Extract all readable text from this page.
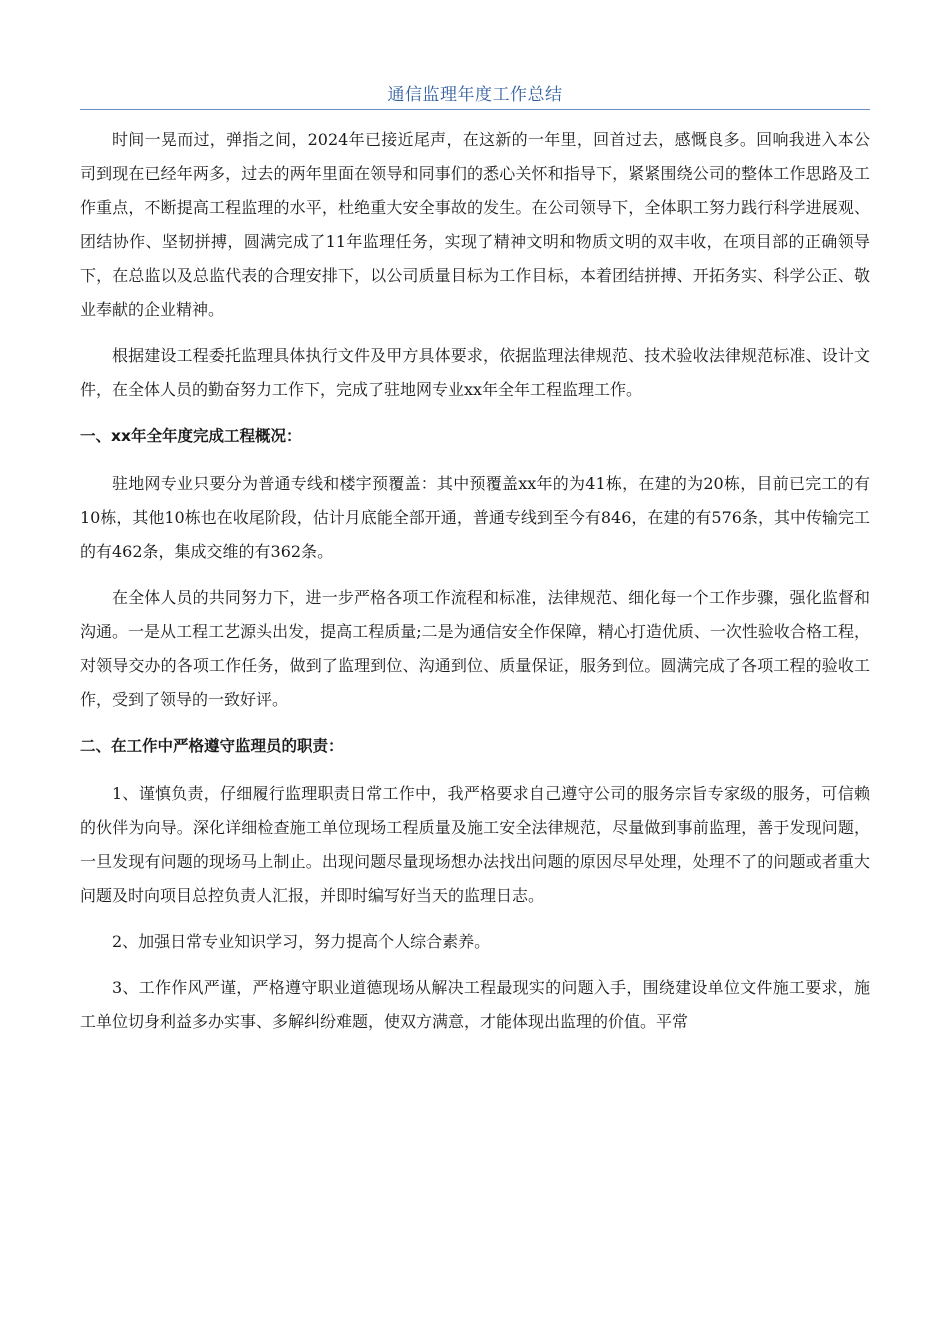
通信监理年度工作总结

时间一晃而过，弹指之间，2024年已接近尾声，在这新的一年里，回首过去，感慨良多。回响我进入本公司到现在已经年两多，过去的两年里面在领导和同事们的悉心关怀和指导下，紧紧围绕公司的整体工作思路及工作重点，不断提高工程监理的水平，杜绝重大安全事故的发生。在公司领导下，全体职工努力践行科学进展观、团结协作、坚韧拼搏，圆满完成了11年监理任务，实现了精神文明和物质文明的双丰收，在项目部的正确领导下，在总监以及总监代表的合理安排下，以公司质量目标为工作目标，本着团结拼搏、开拓务实、科学公正、敬业奉献的企业精神。

根据建设工程委托监理具体执行文件及甲方具体要求，依据监理法律规范、技术验收法律规范标准、设计文件，在全体人员的勤奋努力工作下，完成了驻地网专业xx年全年工程监理工作。

一、xx年全年度完成工程概况：

驻地网专业只要分为普通专线和楼宇预覆盖：其中预覆盖xx年的为41栋，在建的为20栋，目前已完工的有10栋，其他10栋也在收尾阶段，估计月底能全部开通，普通专线到至今有846，在建的有576条，其中传输完工的有462条，集成交维的有362条。

在全体人员的共同努力下，进一步严格各项工作流程和标准，法律规范、细化每一个工作步骤，强化监督和沟通。一是从工程工艺源头出发，提高工程质量;二是为通信安全作保障，精心打造优质、一次性验收合格工程，对领导交办的各项工作任务，做到了监理到位、沟通到位、质量保证，服务到位。圆满完成了各项工程的验收工作，受到了领导的一致好评。

二、在工作中严格遵守监理员的职责：

1、谨慎负责，仔细履行监理职责日常工作中，我严格要求自己遵守公司的服务宗旨专家级的服务，可信赖的伙伴为向导。深化详细检查施工单位现场工程质量及施工安全法律规范，尽量做到事前监理，善于发现问题，一旦发现有问题的现场马上制止。出现问题尽量现场想办法找出问题的原因尽早处理，处理不了的问题或者重大问题及时向项目总控负责人汇报，并即时编写好当天的监理日志。

2、加强日常专业知识学习，努力提高个人综合素养。

3、工作作风严谨，严格遵守职业道德现场从解决工程最现实的问题入手，围绕建设单位文件施工要求，施工单位切身利益多办实事、多解纠纷难题，使双方满意，才能体现出监理的价值。平常
